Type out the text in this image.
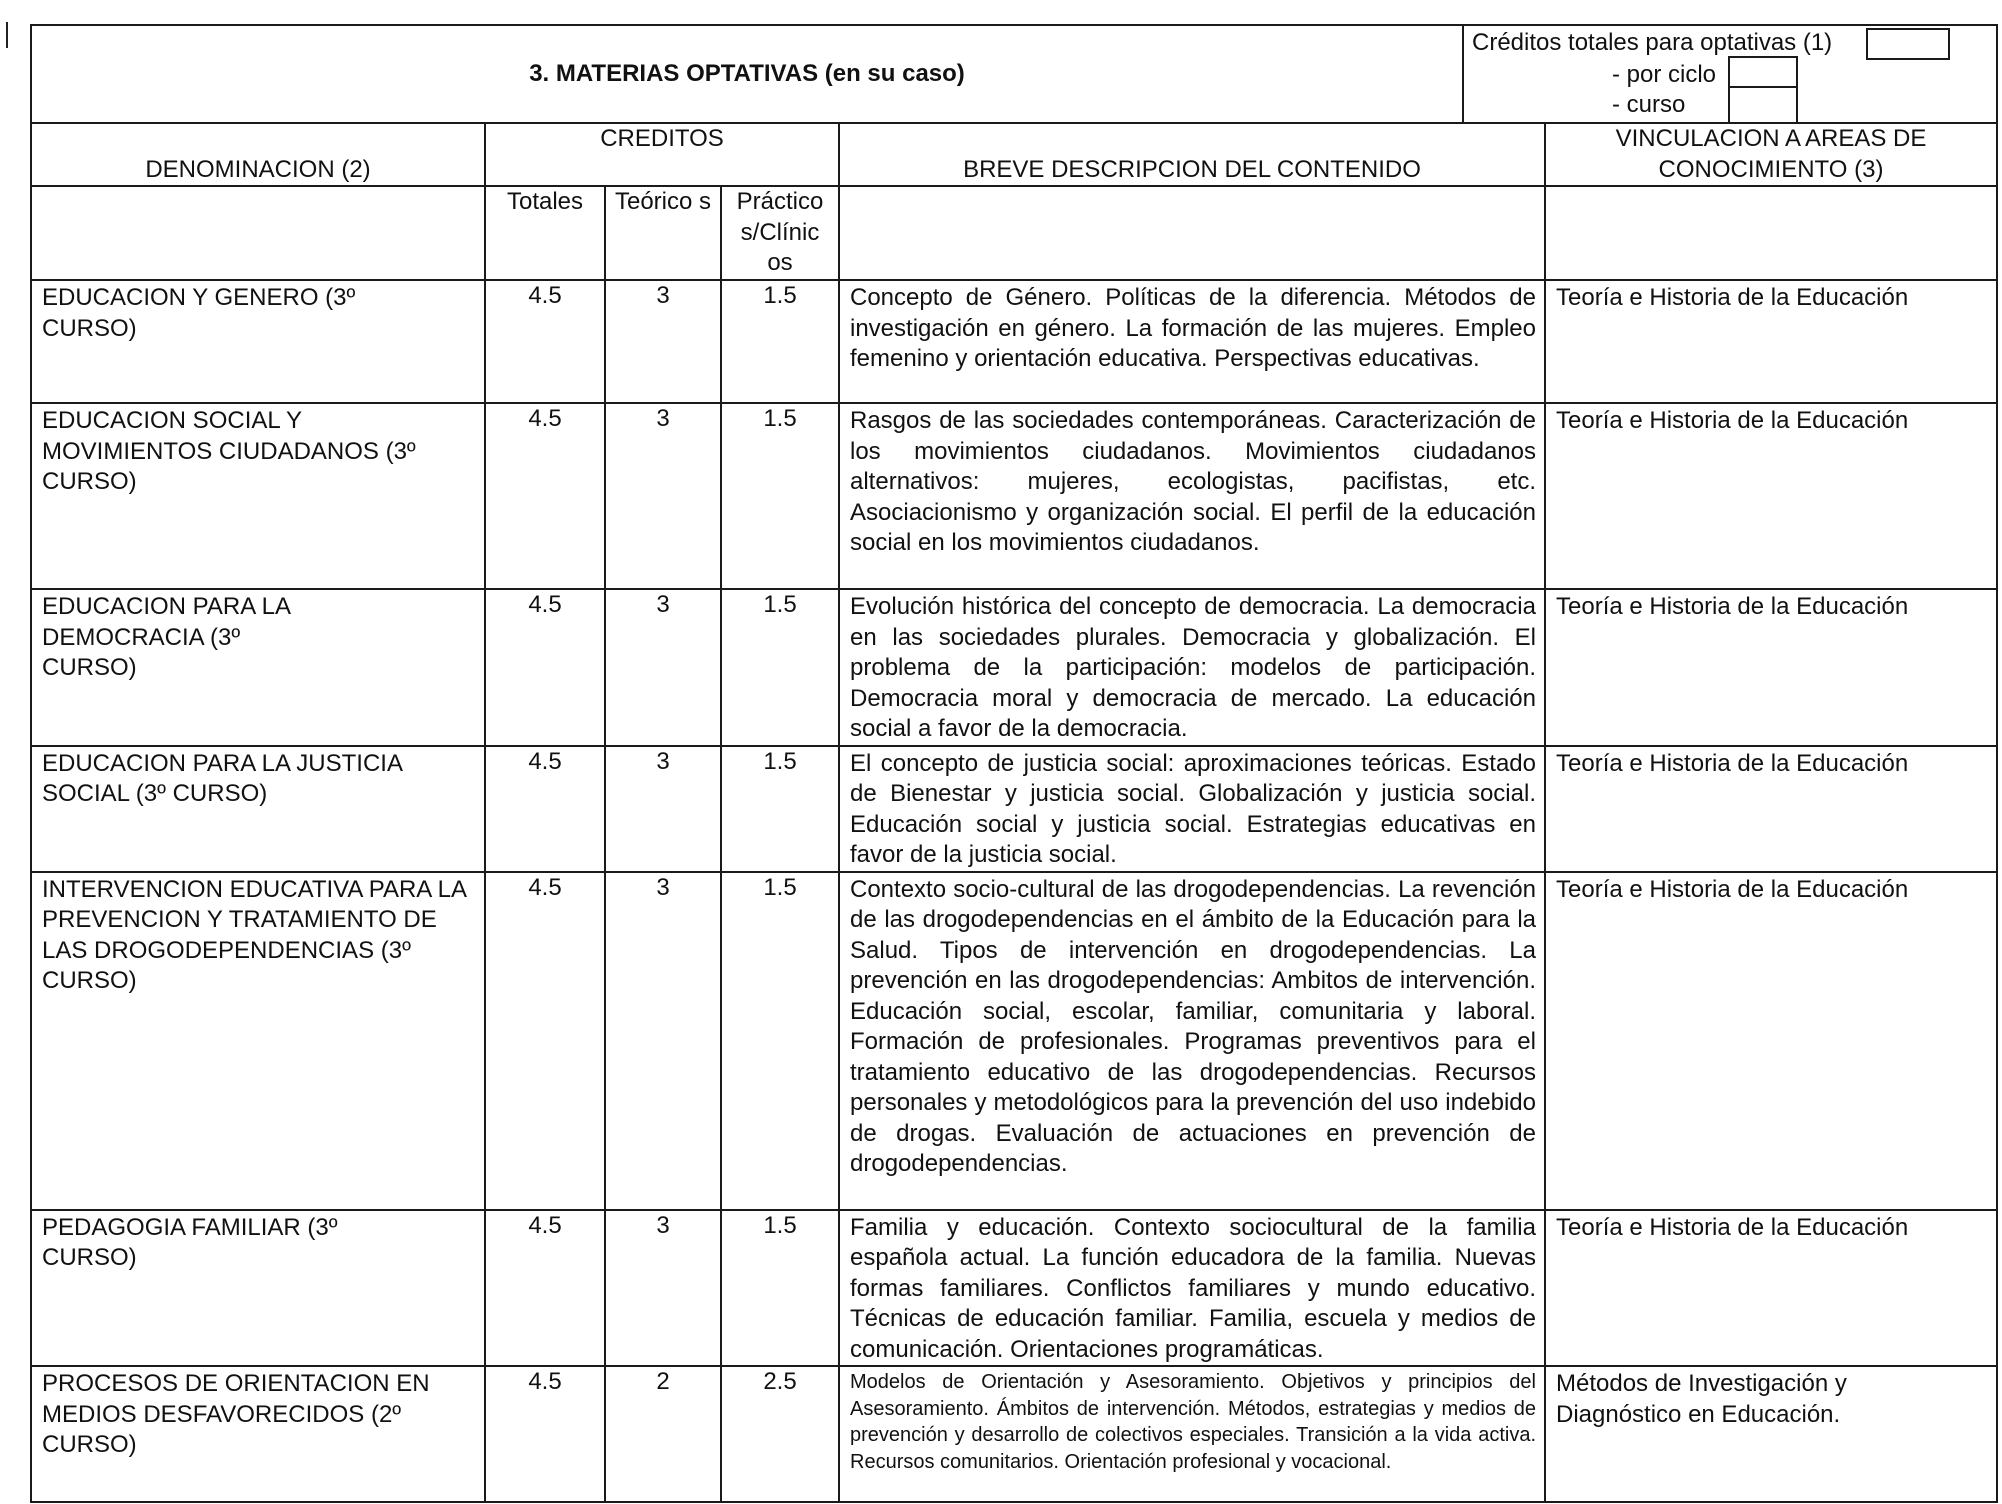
3. MATERIAS OPTATIVAS (en su caso)	
Créditos totales para optativas (1)
- por ciclo
- curso
DENOMINACION (2)	CREDITOS			BREVE DESCRIPCION DEL CONTENIDO	VINCULACION A AREAS DE CONOCIMIENTO (3)
	Totales	Teórico s	Práctico s/Clínic os		
EDUCACION Y GENERO (3º CURSO)	4.5	3	1.5	Concepto de Género. Políticas de la diferencia. Métodos de investigación en género. La formación de las mujeres. Empleo femenino y orientación educativa. Perspectivas educativas.	Teoría e Historia de la Educación
EDUCACION SOCIAL Y MOVIMIENTOS CIUDADANOS (3º CURSO)	4.5	3	1.5	Rasgos de las sociedades contemporáneas. Caracterización de los movimientos ciudadanos. Movimientos ciudadanos alternativos: mujeres, ecologistas, pacifistas, etc. Asociacionismo y organización social. El perfil de la educación social en los movimientos ciudadanos.	Teoría e Historia de la Educación
EDUCACION PARA LA DEMOCRACIA (3º CURSO)	4.5	3	1.5	Evolución histórica del concepto de democracia. La democracia en las sociedades plurales. Democracia y globalización. El problema de la participación: modelos de participación. Democracia moral y democracia de mercado. La educación social a favor de la democracia.	Teoría e Historia de la Educación
EDUCACION PARA LA JUSTICIA SOCIAL (3º CURSO)	4.5	3	1.5	El concepto de justicia social: aproximaciones teóricas. Estado de Bienestar y justicia social. Globalización y justicia social. Educación social y justicia social. Estrategias educativas en favor de la justicia social.	Teoría e Historia de la Educación
INTERVENCION EDUCATIVA PARA LA PREVENCION Y TRATAMIENTO DE LAS DROGODEPENDENCIAS (3º CURSO)	4.5	3	1.5	Contexto socio-cultural de las drogodependencias. La revención de las drogodependencias en el ámbito de la Educación para la Salud. Tipos de intervención en drogodependencias. La prevención en las drogodependencias: Ambitos de intervención. Educación social, escolar, familiar, comunitaria y laboral. Formación de profesionales. Programas preventivos para el tratamiento educativo de las drogodependencias. Recursos personales y metodológicos para la prevención del uso indebido de drogas. Evaluación de actuaciones en prevención de drogodependencias.	Teoría e Historia de la Educación
PEDAGOGIA FAMILIAR (3º CURSO)	4.5	3	1.5	Familia y educación. Contexto sociocultural de la familia española actual. La función educadora de la familia. Nuevas formas familiares. Conflictos familiares y mundo educativo. Técnicas de educación familiar. Familia, escuela y medios de comunicación. Orientaciones programáticas.	Teoría e Historia de la Educación
PROCESOS DE ORIENTACION EN MEDIOS DESFAVORECIDOS (2º CURSO)	4.5	2	2.5	Modelos de Orientación y Asesoramiento. Objetivos y principios del Asesoramiento. Ámbitos de intervención. Métodos, estrategias y medios de prevención y desarrollo de colectivos especiales. Transición a la vida activa. Recursos comunitarios. Orientación profesional y vocacional.	Métodos de Investigación y Diagnóstico en Educación.
